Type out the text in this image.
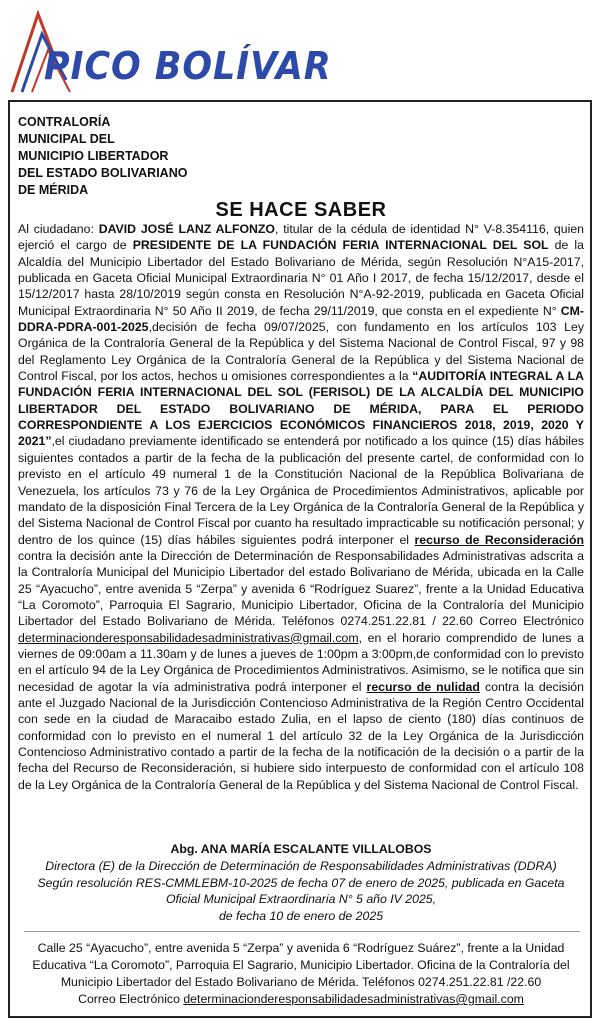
PICO BOLÍVAR
CONTRALORÍA
MUNICIPAL DEL
MUNICIPIO LIBERTADOR
DEL ESTADO BOLIVARIANO
DE MÉRIDA
SE HACE SABER
Al ciudadano: DAVID JOSÉ LANZ ALFONZO, titular de la cédula de identidad N° V-8.354116, quien ejerció el cargo de PRESIDENTE DE LA FUNDACIÓN FERIA INTERNACIONAL DEL SOL de la Alcaldía del Municipio Libertador del Estado Bolivariano de Mérida, según Resolución N°A15-2017, publicada en Gaceta Oficial Municipal Extraordinaria N° 01 Año I 2017, de fecha 15/12/2017, desde el 15/12/2017 hasta 28/10/2019 según consta en Resolución N°A-92-2019, publicada en Gaceta Oficial Municipal Extraordinaria N° 50 Año II 2019, de fecha 29/11/2019, que consta en el expediente N° CM-DDRA-PDRA-001-2025,decisión de fecha 09/07/2025, con fundamento en los artículos 103 Ley Orgánica de la Contraloría General de la República y del Sistema Nacional de Control Fiscal, 97 y 98 del Reglamento Ley Orgánica de la Contraloría General de la República y del Sistema Nacional de Control Fiscal, por los actos, hechos u omisiones correspondientes a la “AUDITORÍA INTEGRAL A LA FUNDACIÓN FERIA INTERNACIONAL DEL SOL (FERISOL) DE LA ALCALDÍA DEL MUNICIPIO LIBERTADOR DEL ESTADO BOLIVARIANO DE MÉRIDA, PARA EL PERIODO CORRESPONDIENTE A LOS EJERCICIOS ECONÓMICOS FINANCIEROS 2018, 2019, 2020 Y 2021”,el ciudadano previamente identificado se entenderá por notificado a los quince (15) días hábiles siguientes contados a partir de la fecha de la publicación del presente cartel, de conformidad con lo previsto en el artículo 49 numeral 1 de la Constitución Nacional de la República Bolivariana de Venezuela, los artículos 73 y 76 de la Ley Orgánica de Procedimientos Administrativos, aplicable por mandato de la disposición Final Tercera de la Ley Orgánica de la Contraloría General de la República y del Sistema Nacional de Control Fiscal por cuanto ha resultado impracticable su notificación personal; y dentro de los quince (15) días hábiles siguientes podrá interponer el recurso de Reconsideración contra la decisión ante la Dirección de Determinación de Responsabilidades Administrativas adscrita a la Contraloría Municipal del Municipio Libertador del estado Bolivariano de Mérida, ubicada en la Calle 25 “Ayacucho”, entre avenida 5 “Zerpa” y avenida 6 “Rodríguez Suarez”, frente a la Unidad Educativa “La Coromoto”, Parroquia El Sagrario, Municipio Libertador, Oficina de la Contraloría del Municipio Libertador del Estado Bolivariano de Mérida. Teléfonos 0274.251.22.81 / 22.60 Correo Electrónico determinacionderesponsabilidadesadministrativas@gmail.com, en el horario comprendido de lunes a viernes de 09:00am a 11.30am y de lunes a jueves de 1:00pm a 3:00pm,de conformidad con lo previsto en el artículo 94 de la Ley Orgánica de Procedimientos Administrativos. Asimismo, se le notifica que sin necesidad de agotar la vía administrativa podrá interponer el recurso de nulidad contra la decisión ante el Juzgado Nacional de la Jurisdicción Contencioso Administrativa de la Región Centro Occidental con sede en la ciudad de Maracaibo estado Zulia, en el lapso de ciento (180) días continuos de conformidad con lo previsto en el numeral 1 del artículo 32 de la Ley Orgánica de la Jurisdicción Contencioso Administrativo contado a partir de la fecha de la notificación de la decisión o a partir de la fecha del Recurso de Reconsideración, si hubiere sido interpuesto de conformidad con el artículo 108 de la Ley Orgánica de la Contraloría General de la República y del Sistema Nacional de Control Fiscal.
Abg. ANA MARÍA ESCALANTE VILLALOBOS
Directora (E) de la Dirección de Determinación de Responsabilidades Administrativas (DDRA)
Según resolución RES-CMMLEBM-10-2025 de fecha 07 de enero de 2025, publicada en Gaceta
Oficial Municipal Extraordinaria N° 5 año IV 2025,
de fecha 10 de enero de 2025
Calle 25 “Ayacucho”, entre avenida 5 “Zerpa” y avenida 6 “Rodríguez Suárez”, frente a la Unidad Educativa “La Coromoto”, Parroquia El Sagrario, Municipio Libertador. Oficina de la Contraloría del Municipio Libertador del Estado Bolivariano de Mérida. Teléfonos 0274.251.22.81 /22.60
Correo Electrónico determinacionderesponsabilidadesadministrativas@gmail.com
